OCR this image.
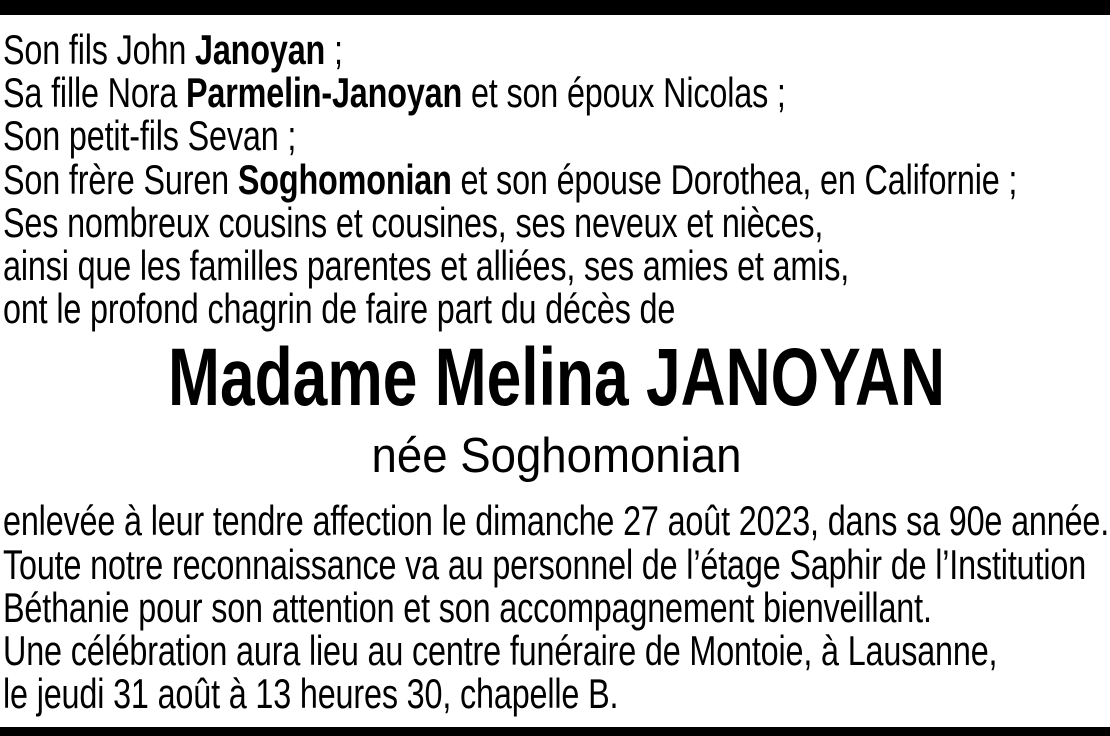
Son fils John Janoyan ;

Sa fille Nora Parmelin-Janoyan et son époux Nicolas ;

Son petit-fils Sevan ;

Son frère Suren Soghomonian et son épouse Dorothea, en Californie ;

Ses nombreux cousins et cousines, ses neveux et nièces,

ainsi que les familles parentes et alliées, ses amies et amis,

ont le profond chagrin de faire part du décès de

Madame Melina JANOYAN
née Soghomonian

enlevée à leur tendre affection le dimanche 27 août 2023, dans sa 90e année.

Toute notre reconnaissance va au personnel de l’étage Saphir de l’Institution

Béthanie pour son attention et son accompagnement bienveillant.

Une célébration aura lieu au centre funéraire de Montoie, à Lausanne,

le jeudi 31 août à 13 heures 30, chapelle B.
